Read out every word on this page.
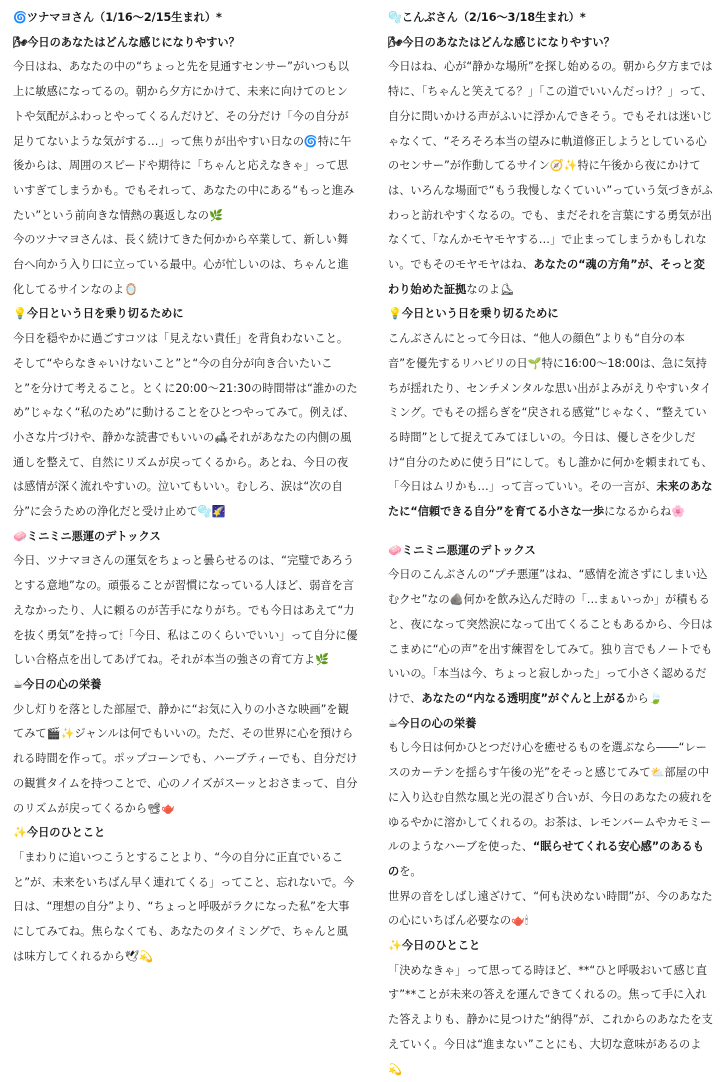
🌀ツナマヨさん（1/16〜2/15生まれ）*
🌬今日のあなたはどんな感じになりやすい？

今日はね、あなたの中の“ちょっと先を見通すセンサー”がいつも以上に敏感になってるの。朝から夕方にかけて、未来に向けてのヒントや気配がふわっとやってくるんだけど、その分だけ「今の自分が足りてないような気がする…」って焦りが出やすい日なの🌀特に午後からは、周囲のスピードや期待に「ちゃんと応えなきゃ」って思いすぎてしまうかも。でもそれって、あなたの中にある“もっと進みたい”という前向きな情熱の裏返しなの🌿

今のツナマヨさんは、長く続けてきた何かから卒業して、新しい舞台へ向かう入り口に立っている最中。心が忙しいのは、ちゃんと進化してるサインなのよ🪞

💡今日という日を乗り切るために

今日を穏やかに過ごすコツは「見えない責任」を背負わないこと。そして“やらなきゃいけないこと”と“今の自分が向き合いたいこと”を分けて考えること。とくに20:00〜21:30の時間帯は“誰かのため”じゃなく“私のため”に動けることをひとつやってみて。例えば、小さな片づけや、静かな読書でもいいの🛋それがあなたの内側の風通しを整えて、自然にリズムが戻ってくるから。あとね、今日の夜は感情が深く流れやすいの。泣いてもいい。むしろ、涙は“次の自分”に会うための浄化だと受け止めて🫧🌠

🧼ミニミニ悪運のデトックス

今日、ツナマヨさんの運気をちょっと曇らせるのは、“完璧であろうとする意地”なの。頑張ることが習慣になっている人ほど、弱音を言えなかったり、人に頼るのが苦手になりがち。でも今日はあえて“力を抜く勇気”を持って🕯「今日、私はこのくらいでいい」って自分に優しい合格点を出してあげてね。それが本当の強さの育て方よ🌿

☕今日の心の栄養

少し灯りを落とした部屋で、静かに“お気に入りの小さな映画”を観てみて🎬✨ジャンルは何でもいいの。ただ、その世界に心を預けられる時間を作って。ポップコーンでも、ハーブティーでも、自分だけの観賞タイムを持つことで、心のノイズがスーッとおさまって、自分のリズムが戻ってくるから📽🫖

✨今日のひとこと

「まわりに追いつこうとすることより、“今の自分に正直でいること”が、未来をいちばん早く連れてくる」ってこと、忘れないで。今日は、“理想の自分”より、“ちょっと呼吸がラクになった私”を大事にしてみてね。焦らなくても、あなたのタイミングで、ちゃんと風は味方してくれるから🕊💫

🫧こんぶさん（2/16〜3/18生まれ）*
🌬今日のあなたはどんな感じになりやすい？

今日はね、心が“静かな場所”を探し始めるの。朝から夕方までは特に、「ちゃんと笑えてる？」「この道でいいんだっけ？」って、自分に問いかける声がふいに浮かんできそう。でもそれは迷いじゃなくて、“そろそろ本当の望みに軌道修正しようとしている心のセンサー”が作動してるサイン🧭✨特に午後から夜にかけては、いろんな場面で“もう我慢しなくていい”っていう気づきがふわっと訪れやすくなるの。でも、まだそれを言葉にする勇気が出なくて、「なんかモヤモヤする…」で止まってしまうかもしれない。でもそのモヤモヤはね、あなたの“魂の方角”が、そっと変わり始めた証拠なのよ⛸

💡今日という日を乗り切るために

こんぶさんにとって今日は、“他人の顔色”よりも“自分の本音”を優先するリハビリの日🌱特に16:00〜18:00は、急に気持ちが揺れたり、センチメンタルな思い出がよみがえりやすいタイミング。でもその揺らぎを“戻される感覚”じゃなく、“整えている時間”として捉えてみてほしいの。今日は、優しさを少しだけ“自分のために使う日”にして。もし誰かに何かを頼まれても、「今日はムリかも…」って言っていい。その一言が、未来のあなたに“信頼できる自分”を育てる小さな一歩になるからね🌸

🧼ミニミニ悪運のデトックス

今日のこんぶさんの“プチ悪運”はね、“感情を流さずにしまい込むクセ”なの🪨何かを飲み込んだ時の「…まぁいっか」が積もると、夜になって突然涙になって出てくることもあるから、今日はこまめに“心の声”を出す練習をしてみて。独り言でもノートでもいいの。「本当は今、ちょっと寂しかった」って小さく認めるだけで、あなたの“内なる透明度”がぐんと上がるから🍃

☕今日の心の栄養

もし今日は何かひとつだけ心を癒せるものを選ぶなら――“レースのカーテンを揺らす午後の光”をそっと感じてみて⛅部屋の中に入り込む自然な風と光の混ざり合いが、今日のあなたの疲れをゆるやかに溶かしてくれるの。お茶は、レモンバームやカモミールのようなハーブを使った、“眠らせてくれる安心感”のあるものを。

世界の音をしばし遠ざけて、“何も決めない時間”が、今のあなたの心にいちばん必要なの🫖🕯

✨今日のひとこと

「決めなきゃ」って思ってる時ほど、**“ひと呼吸おいて感じ直す”**ことが未来の答えを運んできてくれるの。焦って手に入れた答えよりも、静かに見つけた“納得”が、これからのあなたを支えていく。今日は“進まない”ことにも、大切な意味があるのよ💫
